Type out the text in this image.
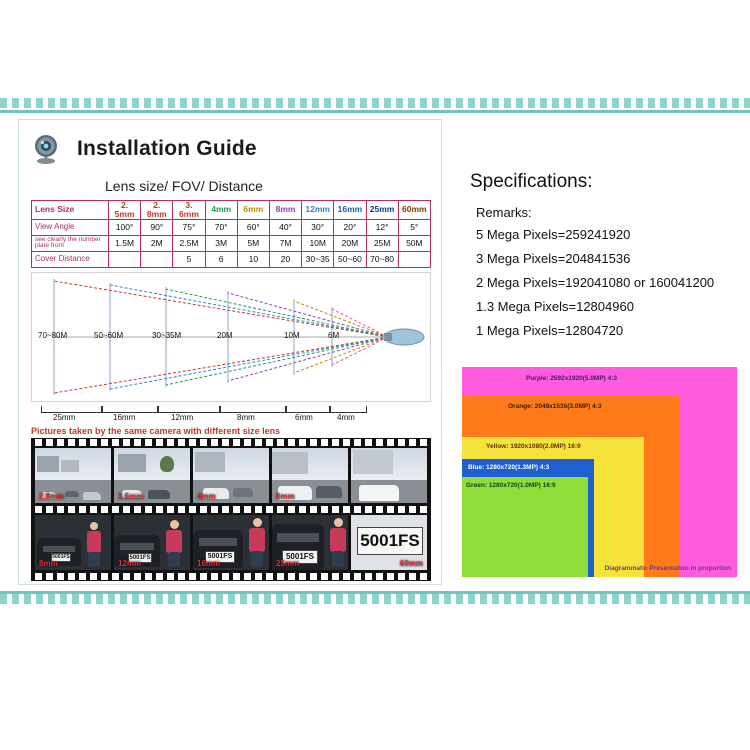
Installation Guide
Lens size/ FOV/ Distance
Lens Size	2. 5mm	2. 8mm	3. 6mm	4mm	6mm	8mm	12mm	16mm	25mm	60mm
View Angle	100°	90°	75°	70°	60°	40°	30°	20°	12°	5°
see clearly the number plate from	1.5M	2M	2.5M	3M	5M	7M	10M	20M	25M	50M
Cover Distance			5	6	10	20	30~35	50~60	70~80	
70~80M	50~60M	30~35M	20M	10M	6M
25mm	16mm	12mm	8mm	6mm	4mm
Pictures taken by the same camera with different size lens
2.8mm	3.6mm	4mm	6mm
5001FS
8mm
5001FS
12mm
5001FS
16mm
5001FS
25mm
5001FS
60mm
Specifications:
Remarks:
5 Mega Pixels=259241920
3 Mega Pixels=204841536
2 Mega Pixels=192041080 or 160041200
1.3 Mega Pixels=12804960
1 Mega Pixels=12804720
Purple: 2592x1920(5.0MP) 4:3
Orange: 2048x1536(3.0MP) 4:3
Yellow: 1920x1080(2.0MP) 16:9
Blue: 1280x720(1.3MP) 4:3
Green: 1280x720(1.0MP) 16:9
Diagrammatic Presentation in proportion
